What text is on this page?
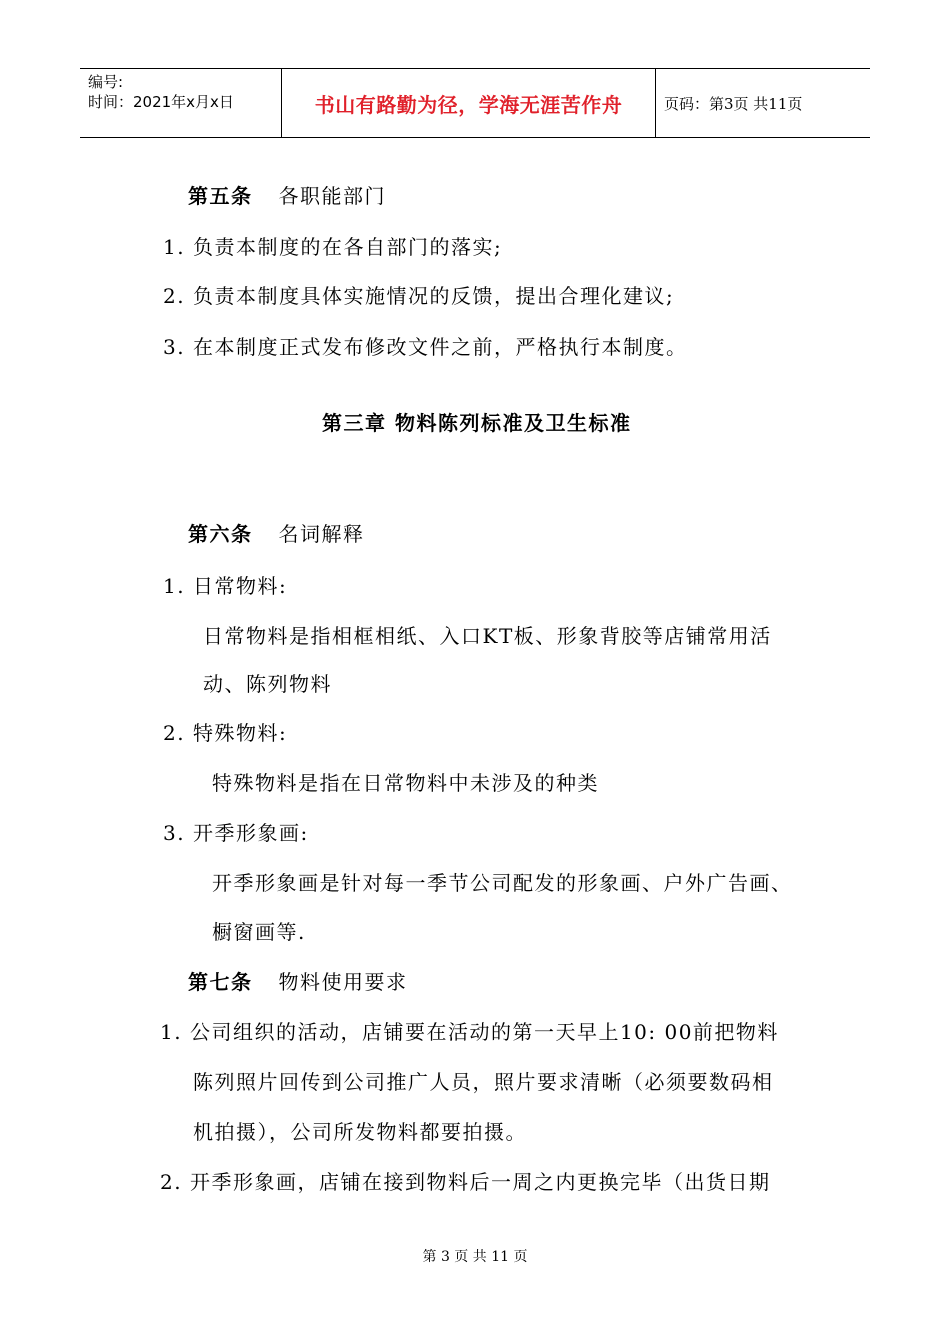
编号:
时间：2021年x月x日	书山有路勤为径，学海无涯苦作舟	页码：第3页 共11页
第五条 各职能部门
1. 负责本制度的在各自部门的落实;
2. 负责本制度具体实施情况的反馈，提出合理化建议;
3. 在本制度正式发布修改文件之前，严格执行本制度。
第三章 物料陈列标准及卫生标准
第六条 名词解释
1. 日常物料:
日常物料是指相框相纸、入口KT板、形象背胶等店铺常用活
动、陈列物料
2. 特殊物料:
特殊物料是指在日常物料中未涉及的种类
3. 开季形象画:
开季形象画是针对每一季节公司配发的形象画、户外广告画、
橱窗画等.
第七条 物料使用要求
1. 公司组织的活动，店铺要在活动的第一天早上10: 00前把物料
陈列照片回传到公司推广人员，照片要求清晰（必须要数码相
机拍摄），公司所发物料都要拍摄。
2. 开季形象画，店铺在接到物料后一周之内更换完毕（出货日期
第 3 页 共 11 页
